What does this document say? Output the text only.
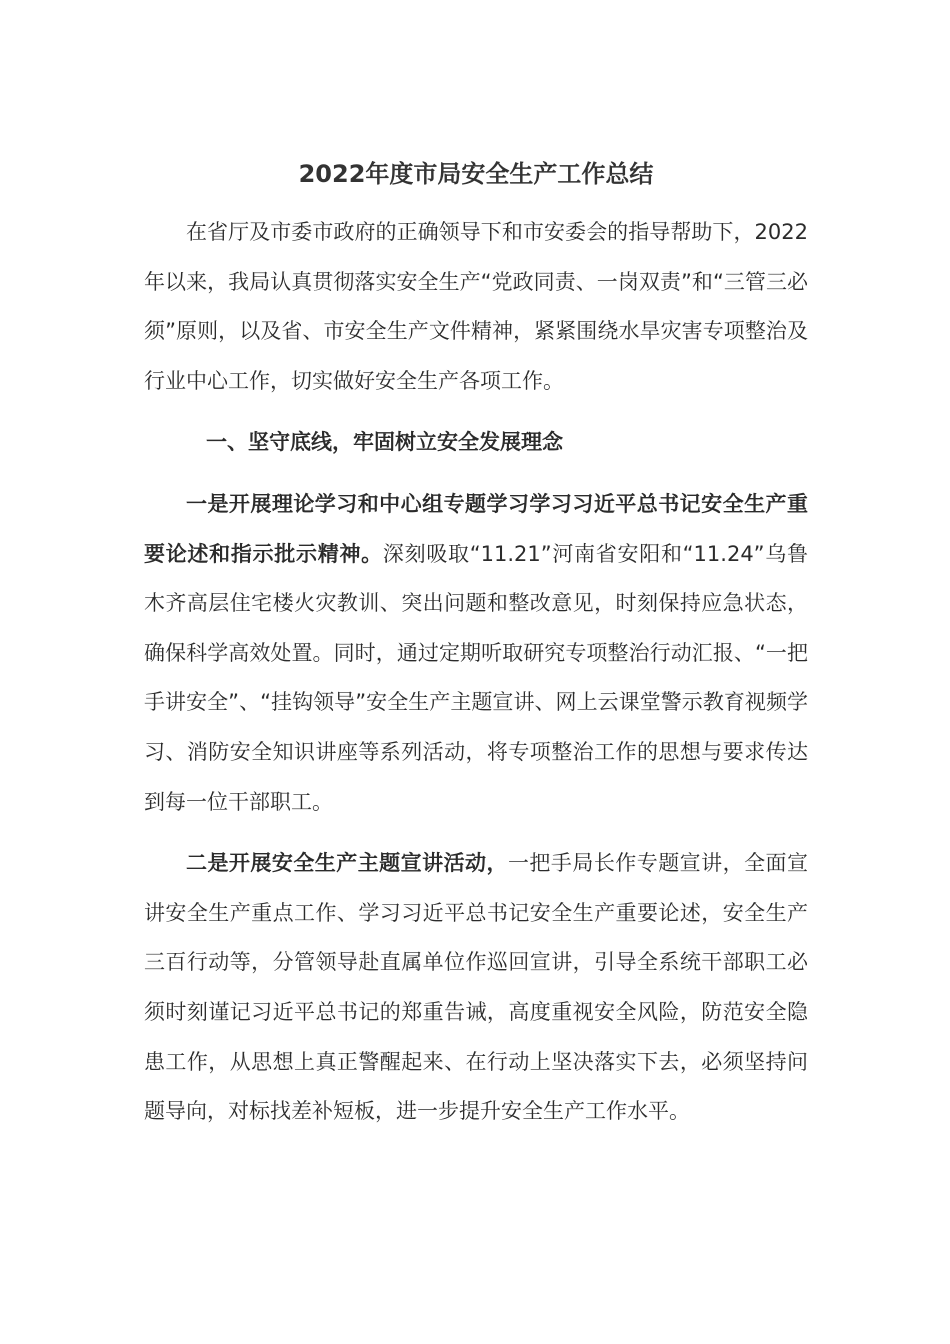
2022年度市局安全生产工作总结

在省厅及市委市政府的正确领导下和市安委会的指导帮助下，2022年以来，我局认真贯彻落实安全生产“党政同责、一岗双责”和“三管三必须”原则，以及省、市安全生产文件精神，紧紧围绕水旱灾害专项整治及行业中心工作，切实做好安全生产各项工作。

一、坚守底线，牢固树立安全发展理念

一是开展理论学习和中心组专题学习学习习近平总书记安全生产重要论述和指示批示精神。深刻吸取“11.21”河南省安阳和“11.24”乌鲁木齐高层住宅楼火灾教训、突出问题和整改意见，时刻保持应急状态，确保科学高效处置。同时，通过定期听取研究专项整治行动汇报、“一把手讲安全”、“挂钩领导”安全生产主题宣讲、网上云课堂警示教育视频学习、消防安全知识讲座等系列活动，将专项整治工作的思想与要求传达到每一位干部职工。

二是开展安全生产主题宣讲活动，一把手局长作专题宣讲，全面宣讲安全生产重点工作、学习习近平总书记安全生产重要论述，安全生产三百行动等，分管领导赴直属单位作巡回宣讲，引导全系统干部职工必须时刻谨记习近平总书记的郑重告诫，高度重视安全风险，防范安全隐患工作，从思想上真正警醒起来、在行动上坚决落实下去，必须坚持问题导向，对标找差补短板，进一步提升安全生产工作水平。
